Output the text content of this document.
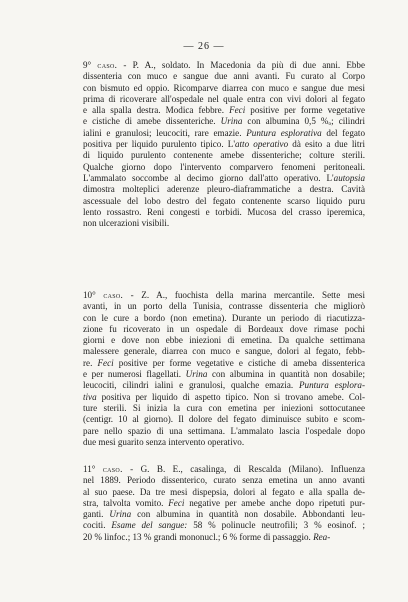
— 26 —
9° caso. - P. A., soldato. In Macedonia da più di due anni. Ebbe
dissenteria con muco e sangue due anni avanti. Fu curato al Corpo
con bismuto ed oppio. Ricomparve diarrea con muco e sangue due mesi
prima di ricoverare all'ospedale nel quale entra con vivi dolori al fegato
e alla spalla destra. Modica febbre. Feci positive per forme vegetative
e cistiche di amebe dissenteriche. Urina con albumina 0,5 %ₒ; cilindri
ialini e granulosi; leucociti, rare emazie. Puntura esplorativa del fegato
positiva per liquido purulento tipico. L'atto operativo dà esito a due litri
di liquido purulento contenente amebe dissenteriche; colture sterili.
Qualche giorno dopo l'intervento comparvero fenomeni peritoneali.
L'ammalato soccombe al decimo giorno dall'atto operativo. L'autopsia
dimostra molteplici aderenze pleuro-diaframmatiche a destra. Cavità
ascessuale del lobo destro del fegato contenente scarso liquido puru
lento rossastro. Reni congesti e torbidi. Mucosa del crasso iperemica,
non ulcerazioni visibili.
10° caso. - Z. A., fuochista della marina mercantile. Sette mesi
avanti, in un porto della Tunisia, contrasse dissenteria che migliorò
con le cure a bordo (non emetina). Durante un periodo di riacutizza-
zione fu ricoverato in un ospedale di Bordeaux dove rimase pochi
giorni e dove non ebbe iniezioni di emetina. Da qualche settimana
malessere generale, diarrea con muco e sangue, dolori al fegato, febb-
re. Feci positive per forme vegetative e cistiche di ameba dissenterica
e per numerosi flagellati. Urina con albumina in quantità non dosabile;
leucociti, cilindri ialini e granulosi, qualche emazia. Puntura esplora-
tiva positiva per liquido di aspetto tipico. Non si trovano amebe. Col-
ture sterili. Si inizia la cura con emetina per iniezioni sottocutanee
(centigr. 10 al giorno). Il dolore del fegato diminuisce subito e scom-
pare nello spazio di una settimana. L'ammalato lascia l'ospedale dopo
due mesi guarito senza intervento operativo.
11° caso. - G. B. E., casalinga, di Rescalda (Milano). Influenza
nel 1889. Periodo dissenterico, curato senza emetina un anno avanti
al suo paese. Da tre mesi dispepsia, dolori al fegato e alla spalla de-
stra, talvolta vomito. Feci negative per amebe anche dopo ripetuti pur-
ganti. Urina con albumina in quantità non dosabile. Abbondanti leu-
cociti. Esame del sangue: 58 % polinucle neutrofili; 3 % eosinof. ;
20 % linfoc.; 13 % grandi mononucl.; 6 % forme di passaggio. Rea-
